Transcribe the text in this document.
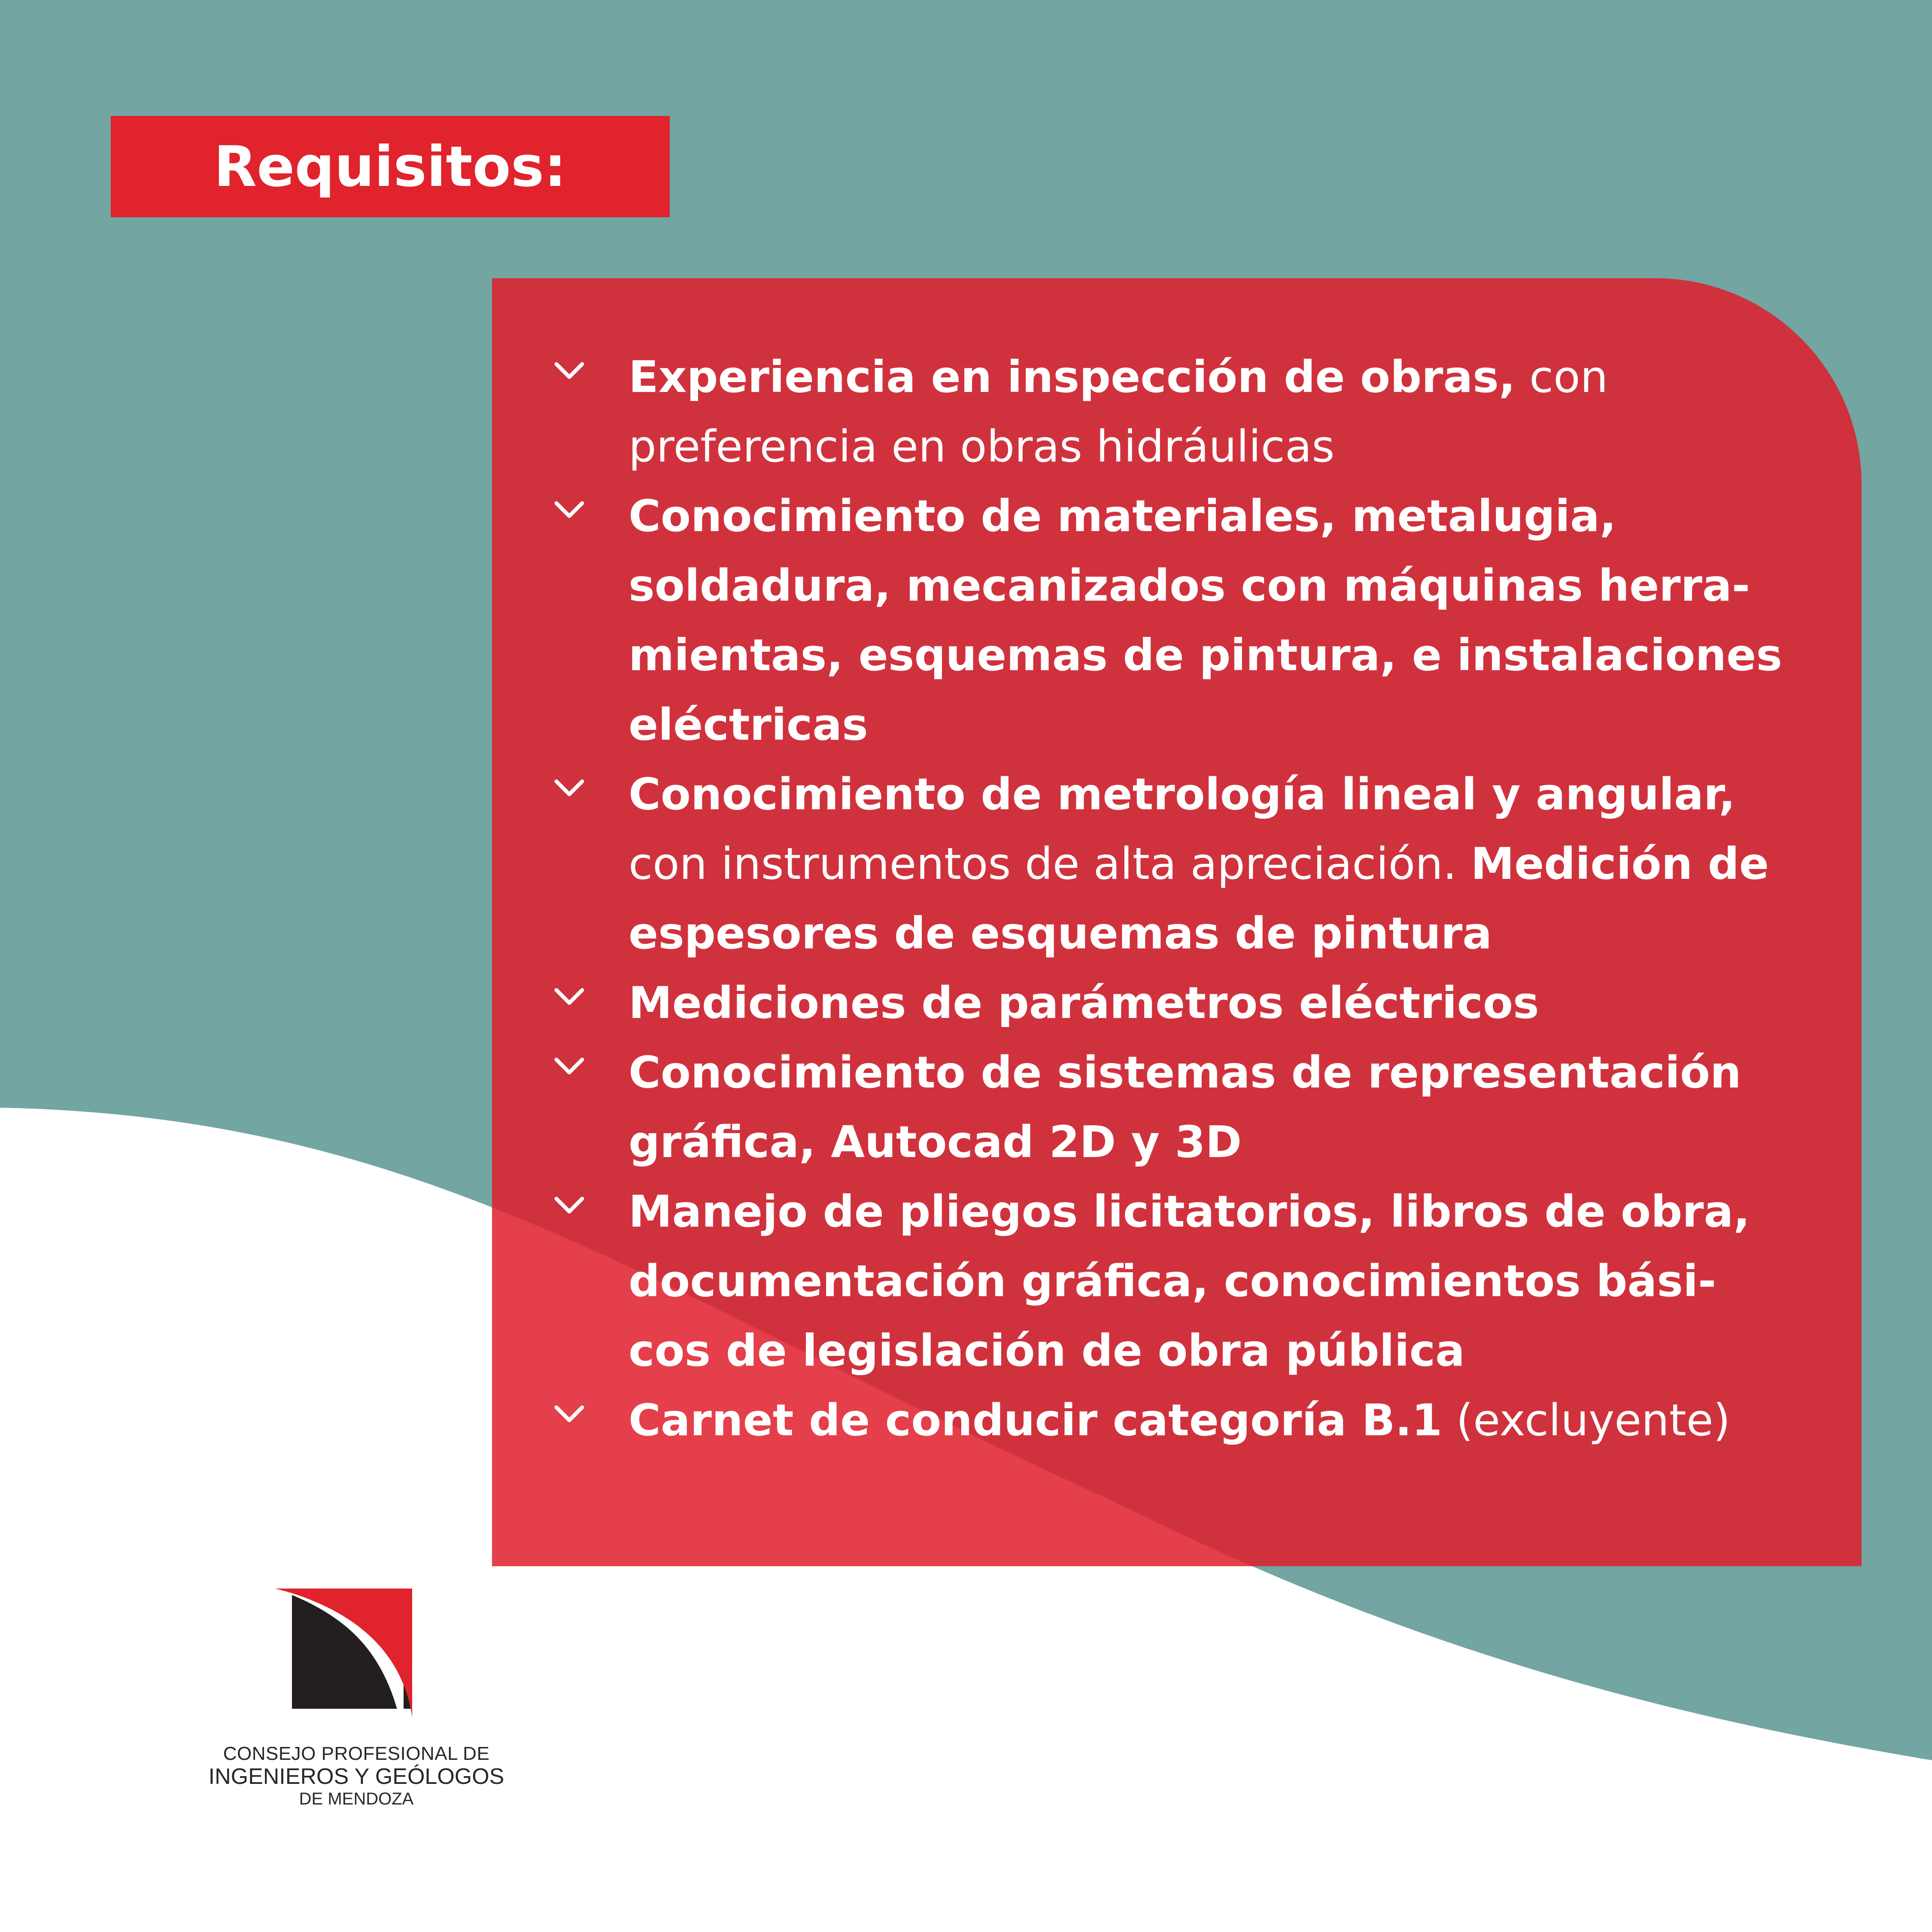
Requisitos:
Experiencia en inspección de obras, con preferencia en obras hidráulicas
Conocimiento de materiales, metalugia, soldadura, mecanizados con máquinas herra-mientas, esquemas de pintura, e instalaciones eléctricas
Conocimiento de metrología lineal y angular, con instrumentos de alta apreciación. Medición de espesores de esquemas de pintura
Mediciones de parámetros eléctricos
Conocimiento de sistemas de representación gráfica, Autocad 2D y 3D
Manejo de pliegos licitatorios, libros de obra, documentación gráfica, conocimientos bási-cos de legislación de obra pública
Carnet de conducir categoría B.1 (excluyente)
CONSEJO PROFESIONAL DE
INGENIEROS Y GEÓLOGOS
DE MENDOZA
